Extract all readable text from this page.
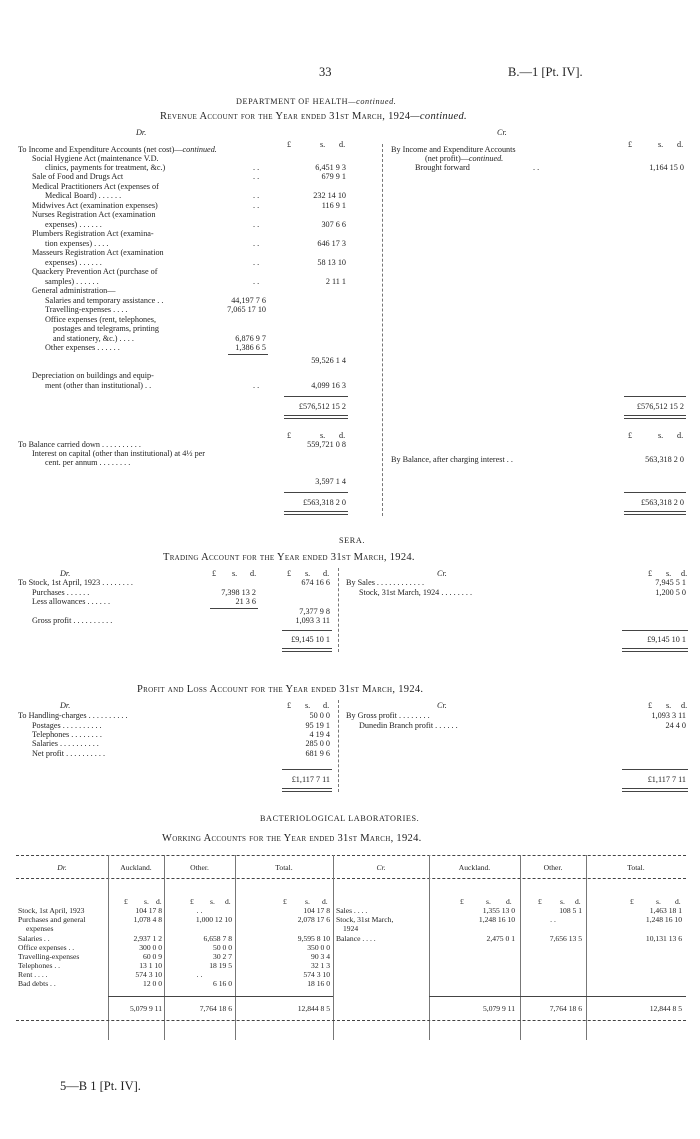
33	B.—1 [Pt. IV].
DEPARTMENT OF HEALTH—continued.
Revenue Account for the Year ended 31st March, 1924—continued.
Dr.	Cr.
£	s. d.	£	s. d.
To Income and Expenditure Accounts (net cost)—continued.
Social Hygiene Act (maintenance V.D.
clinics, payments for treatment, &c.)	. .	6,451 9 3
Sale of Food and Drugs Act	. .	679 9 1
Medical Practitioners Act (expenses of
Medical Board) . . . . . .	. .	232 14 10
Midwives Act (examination expenses)	. .	116 9 1
Nurses Registration Act (examination
expenses) . . . . . .	. .	307 6 6
Plumbers Registration Act (examina-
tion expenses) . . . .	. .	646 17 3
Masseurs Registration Act (examination
expenses) . . . . . .	. .	58 13 10
Quackery Prevention Act (purchase of
samples) . . . . . .	. .	2 11 1
General administration—
Salaries and temporary assistance . .	44,197 7 6
Travelling-expenses . . . .	7,065 17 10
Office expenses (rent, telephones,
postages and telegrams, printing
and stationery, &c.) . . . .	6,876 9 7
Other expenses . . . . . .	1,386 6 5
59,526 1 4
Depreciation on buildings and equip-
ment (other than institutional) . .	. .	4,099 16 3
£576,512 15 2
By Income and Expenditure Accounts
(net profit)—continued.
Brought forward	. .	1,164 15 0
£576,512 15 2
£	s. d.	£	s. d.
To Balance carried down . . . . . . . . . .	559,721 0 8
Interest on capital (other than institutional) at 4½ per
cent. per annum . . . . . . . .
3,597 1 4
£563,318 2 0
By Balance, after charging interest . .	563,318 2 0
£563,318 2 0
SERA.
Trading Account for the Year ended 31st March, 1924.
Dr.	Cr.
£ s. d.	£ s. d.	£ s. d.
To Stock, 1st April, 1923 . . . . . . . .	674 16 6
Purchases . . . . . .	7,398 13 2
Less allowances . . . . . .	21 3 6
7,377 9 8
Gross profit . . . . . . . . . .	1,093 3 11
£9,145 10 1
By Sales . . . . . . . . . . . .	7,945 5 1
Stock, 31st March, 1924 . . . . . . . .	1,200 5 0
£9,145 10 1
Profit and Loss Account for the Year ended 31st March, 1924.
Dr.	Cr.
£ s. d.	£ s. d.
To Handling-charges . . . . . . . . . .	50 0 0
Postages . . . . . . . . . .	95 19 1
Telephones . . . . . . . .	4 19 4
Salaries . . . . . . . . . .	285 0 0
Net profit . . . . . . . . . .	681 9 6
£1,117 7 11
By Gross profit . . . . . . . .	1,093 3 11
Dunedin Branch profit . . . . . .	24 4 0
£1,117 7 11
BACTERIOLOGICAL LABORATORIES.
Working Accounts for the Year ended 31st March, 1924.
Dr.	Auckland.	Other.	Total.	Cr.	Auckland.	Other.	Total.
£ s. d.	£ s. d.	£ s. d.	£	s. d.	£ s. d.	£	s. d.
Stock, 1st April, 1923	104 17 8	. .	104 17 8
Purchases and general	1,078 4 8	1,000 12 10	2,078 17 6
expenses
Salaries . .	2,937 1 2	6,658 7 8	9,595 8 10
Office expenses . .	300 0 0	50 0 0	350 0 0
Travelling-expenses	60 0 9	30 2 7	90 3 4
Telephones . .	13 1 10	18 19 5	32 1 3
Rent . . . .	574 3 10	. .	574 3 10
Bad debts . .	12 0 0	6 16 0	18 16 0
5,079 9 11	7,764 18 6	12,844 8 5
Sales . . . .	1,355 13 0	108 5 1	1,463 18 1
Stock, 31st March,	1,248 16 10	. .	1,248 16 10
1924
Balance . . . .	2,475 0 1	7,656 13 5	10,131 13 6
5,079 9 11	7,764 18 6	12,844 8 5
5—B 1 [Pt. IV].
